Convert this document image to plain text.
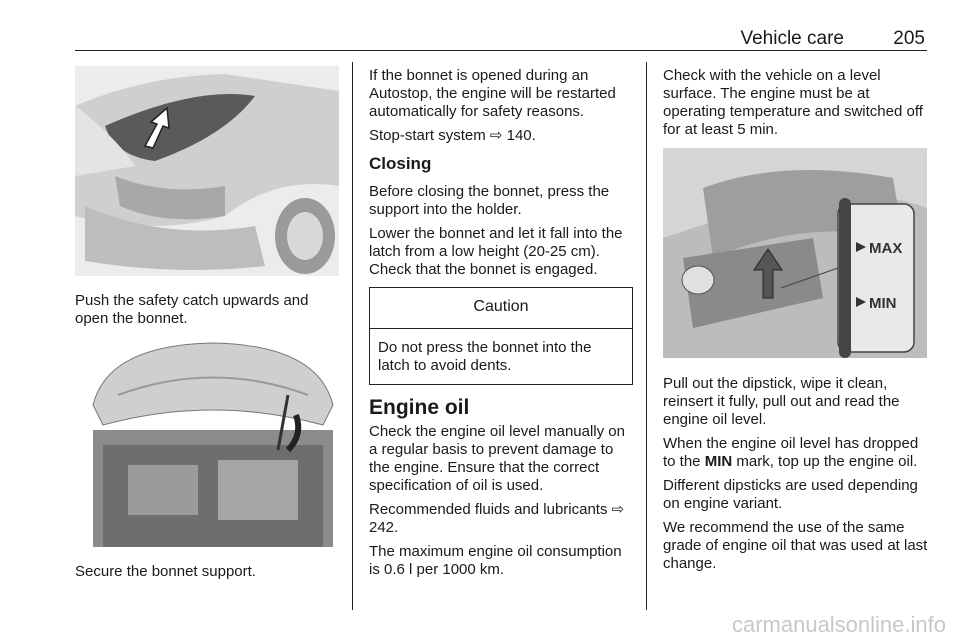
Vehicle care	205

Push the safety catch upwards and open the bonnet.

Secure the bonnet support.

If the bonnet is opened during an Autostop, the engine will be restarted automatically for safety reasons.

Stop-start system ⇨ 140.

Closing

Before closing the bonnet, press the support into the holder.

Lower the bonnet and let it fall into the latch from a low height (20-25 cm). Check that the bonnet is engaged.

Caution
Do not press the bonnet into the latch to avoid dents.
Engine oil

Check the engine oil level manually on a regular basis to prevent damage to the engine. Ensure that the correct specification of oil is used.

Recommended fluids and lubricants ⇨ 242.

The maximum engine oil consumption is 0.6 l per 1000 km.

Check with the vehicle on a level surface. The engine must be at operating temperature and switched off for at least 5 min.

MAX
MIN

Pull out the dipstick, wipe it clean, reinsert it fully, pull out and read the engine oil level.

When the engine oil level has dropped to the MIN mark, top up the engine oil.

Different dipsticks are used depending on engine variant.

We recommend the use of the same grade of engine oil that was used at last change.

carmanualsonline.info
